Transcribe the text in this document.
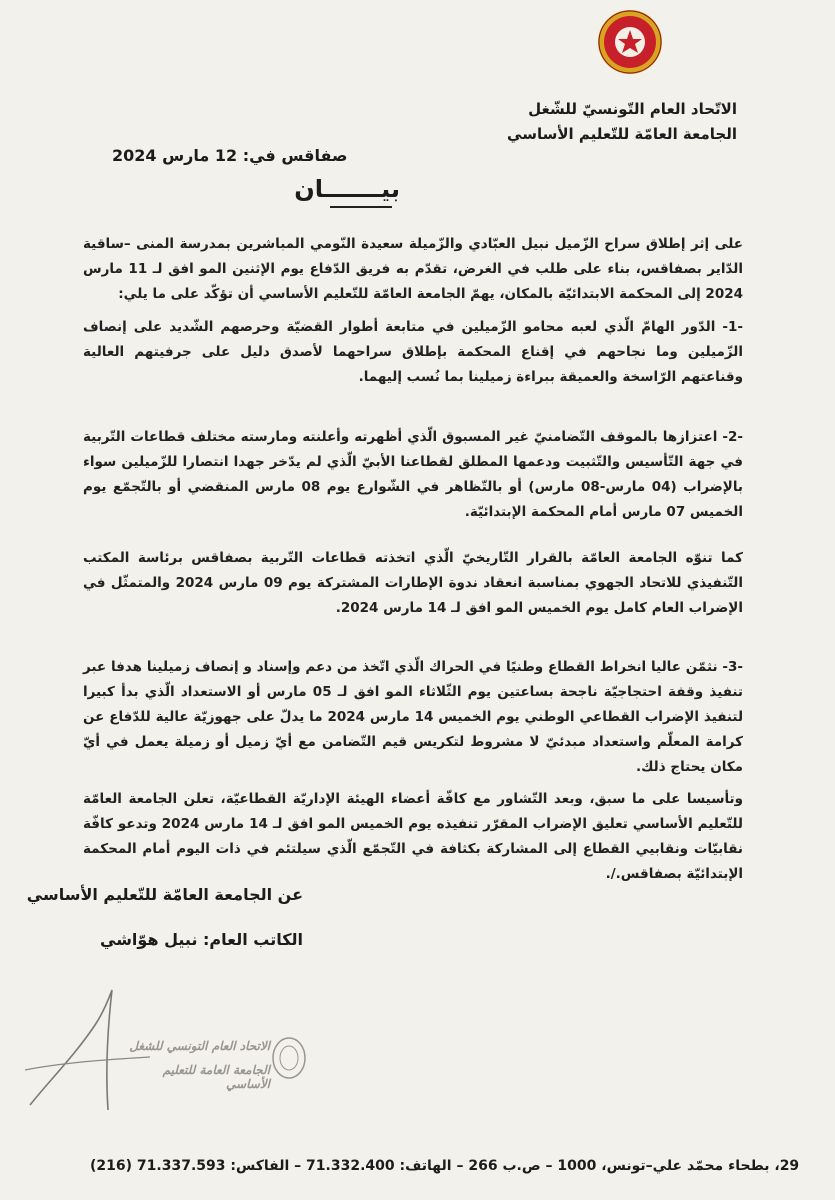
الاتّحاد العام التّونسيّ للشّغل
الجامعة العامّة للتّعليم الأساسي
صفاقس في: 12 مارس 2024
بيـــــــان
على إثر إطلاق سراح الزّميل نبيل العبّادي والزّميلة سعيدة النّومي المباشرين بمدرسة المنى –ساقية الدّاير بصفاقس، بناء على طلب في الغرض، تقدّم به فريق الدّفاع يوم الإثنين المو افق لـ 11 مارس 2024 إلى المحكمة الابتدائيّة بالمكان، يهمّ الجامعة العامّة للتّعليم الأساسي أن تؤكّد على ما يلي:
-1- الدّور الهامّ الّذي لعبه محامو الزّميلين في متابعة أطوار القضيّة وحرصهم الشّديد على إنصاف الزّميلين وما نجاحهم في إقناع المحكمة بإطلاق سراحهما لأصدق دليل على جرفيتهم العالية وقناعتهم الرّاسخة والعميقة ببراءة زميلينا بما نُسب إليهما.
-2- اعتزازها بالموقف التّضامنيّ غير المسبوق الّذي أظهرته وأعلنته ومارسته مختلف قطاعات التّربية في جهة التّأسيس والتّثبيت ودعمها المطلق لقطاعنا الأبيّ الّذي لم يدّخر جهدا انتصارا للزّميلين سواء بالإضراب (04 مارس-08 مارس) أو بالتّظاهر في الشّوارع يوم 08 مارس المنقضي أو بالتّجمّع يوم الخميس 07 مارس أمام المحكمة الإبتدائيّة.
كما تنوّه الجامعة العامّة بالقرار التّاريخيّ الّذي اتخذته قطاعات التّربية بصفاقس برئاسة المكتب التّنفيذي للاتحاد الجهوي بمناسبة انعقاد ندوة الإطارات المشتركة يوم 09 مارس 2024 والمتمثّل في الإضراب العام كامل يوم الخميس المو افق لـ 14 مارس 2024.
-3- نثمّن عاليا انخراط القطاع وطنيًا في الحراك الّذي اتّخذ من دعم وإسناد و إنصاف زميلينا هدفا عبر تنفيذ وقفة احتجاجيّة ناجحة بساعتين يوم الثّلاثاء المو افق لـ 05 مارس أو الاستعداد الّذي بدأ كبيرا لتنفيذ الإضراب القطاعي الوطني يوم الخميس 14 مارس 2024 ما يدلّ على جهوزيّة عالية للدّفاع عن كرامة المعلّم واستعداد مبدئيّ لا مشروط لتكريس قيم التّضامن مع أيّ زميل أو زميلة يعمل في أيّ مكان يحتاج ذلك.
وتأسيسا على ما سبق، وبعد التّشاور مع كافّة أعضاء الهيئة الإداريّة القطاعيّة، تعلن الجامعة العامّة للتّعليم الأساسي تعليق الإضراب المقرّر تنفيذه يوم الخميس المو افق لـ 14 مارس 2024 وتدعو كافّة نقابيّات ونقابيي القطاع إلى المشاركة بكثافة في التّجمّع الّذي سيلتئم في ذات اليوم أمام المحكمة الإبتدائيّة بصفاقس./.
عن الجامعة العامّة للتّعليم الأساسي
الكاتب العام: نبيل هوّاشي
الاتحاد العام التونسي للشغل
الجامعة العامة للتعليم الأساسي
29، بطحاء محمّد علي–تونس، 1000 – ص.ب 266 – الهاتف: 71.332.400 – الفاكس: 71.337.593 (216)
